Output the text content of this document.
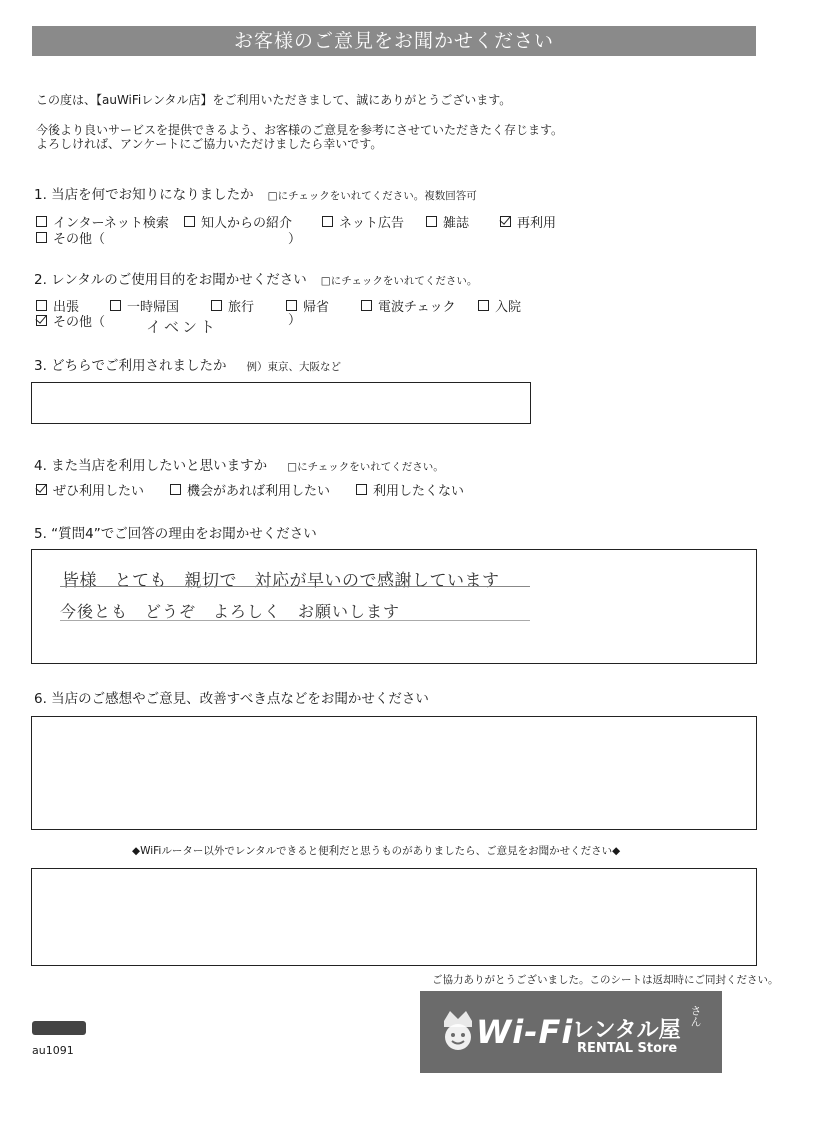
お客様のご意見をお聞かせください
この度は、【auWiFiレンタル店】をご利用いただきまして、誠にありがとうございます。
今後より良いサービスを提供できるよう、お客様のご意見を参考にさせていただきたく存じます。
よろしければ、アンケートにご協力いただけましたら幸いです。
1. 当店を何でお知りになりましたか □にチェックをいれてください。複数回答可
インターネット検索	知人からの紹介	ネット広告	雑誌	再利用
その他（	）
2. レンタルのご使用目的をお聞かせください □にチェックをいれてください。
出張	一時帰国	旅行	帰省	電波チェック	入院
その他（	イベント	）
3. どちらでご利用されましたか 例）東京、大阪など
4. また当店を利用したいと思いますか □にチェックをいれてください。
ぜひ利用したい	機会があれば利用したい	利用したくない
5. “質問4”でご回答の理由をお聞かせください
皆様　とても　親切で　対応が早いので感謝しています
今後とも　どうぞ　よろしく　お願いします
6. 当店のご感想やご意見、改善すべき点などをお聞かせください
◆WiFiルーター以外でレンタルできると便利だと思うものがありましたら、ご意見をお聞かせください◆
ご協力ありがとうございました。このシートは返却時にご同封ください。
au1091	Wi-Fi
レンタル屋
さん
RENTAL Store
